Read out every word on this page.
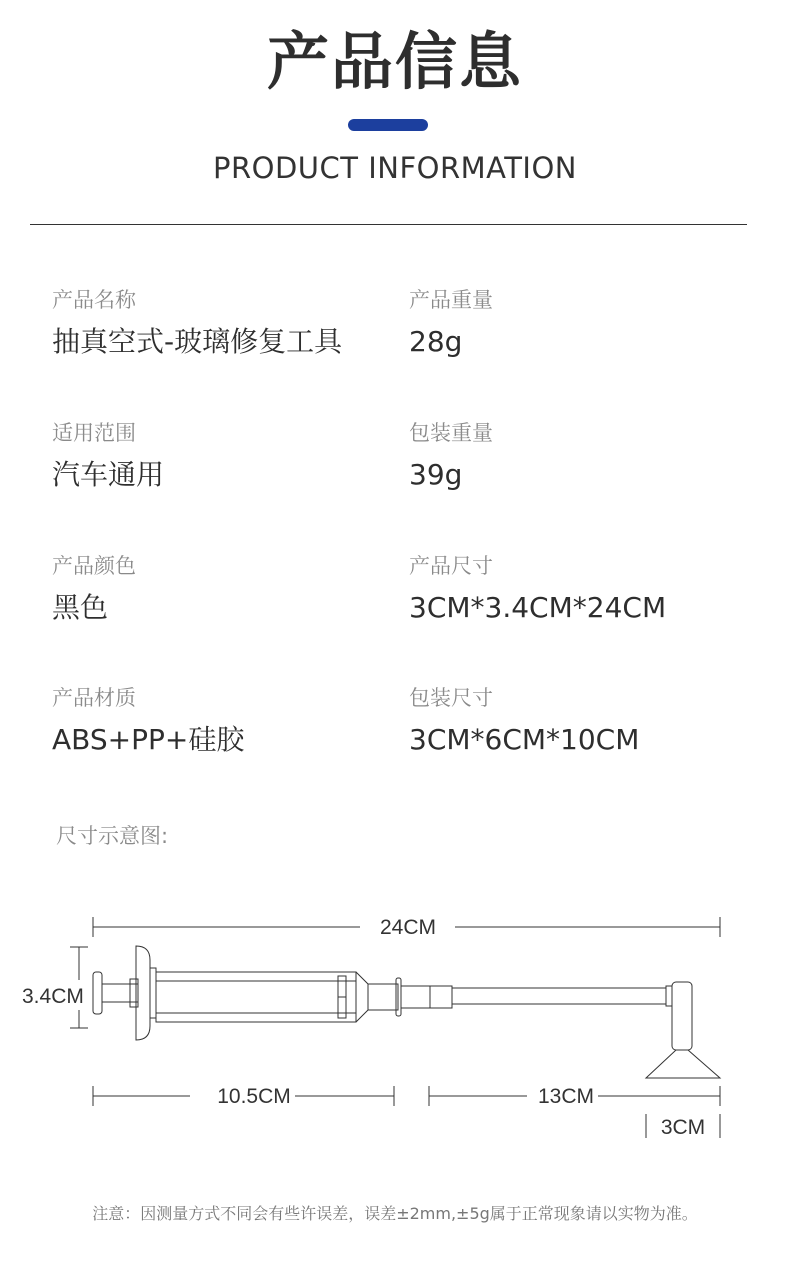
产品信息
PRODUCT INFORMATION
产品名称
抽真空式-玻璃修复工具
产品重量
28g
适用范围
汽车通用
包装重量
39g
产品颜色
黑色
产品尺寸
3CM*3.4CM*24CM
产品材质
ABS+PP+硅胶
包装尺寸
3CM*6CM*10CM
尺寸示意图:
24CM
3.4CM
10.5CM	13CM
3CM
注意：因测量方式不同会有些许误差，误差±2mm,±5g属于正常现象请以实物为准。
